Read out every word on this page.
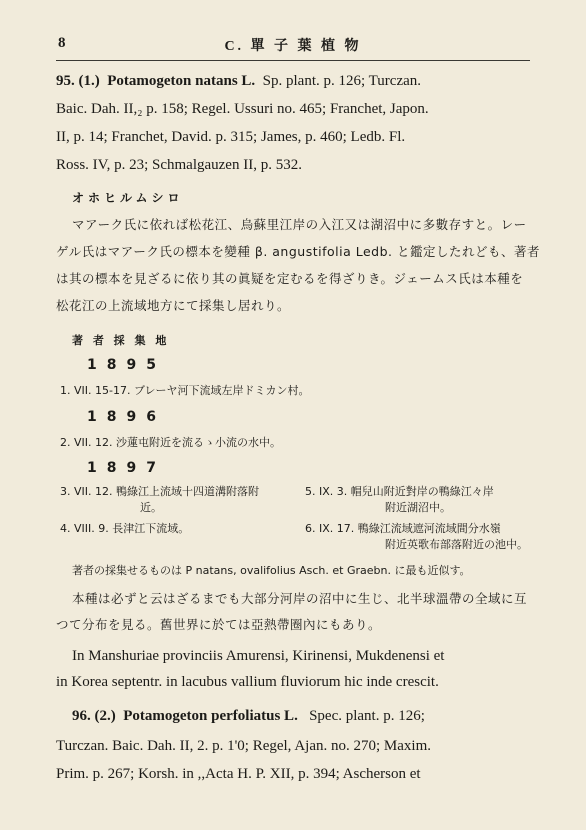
8	C. 單 子 葉 植 物
95. (1.) Potamogeton natans L. Sp. plant. p. 126; Turczan.
Baic. Dah. II,₂ p. 158; Regel. Ussuri no. 465; Franchet, Japon.
II, p. 14; Franchet, David. p. 315; James, p. 460; Ledb. Fl.
Ross. IV, p. 23; Schmalgauzen II, p. 532.
オホヒルムシロ
マアーク氏に依れば松花江、烏蘇里江岸の入江又は湖沼中に多數存すと。レー
ゲル氏はマアーク氏の標本を變種 β. angustifolia Ledb. と鑑定したれども、著者
は其の標本を見ざるに依り其の眞疑を定むるを得ざりき。ジェームス氏は本種を
松花江の上流域地方にて採集し居れり。
著 者 採 集 地
1895
1. VII. 15-17. ブレーヤ河下流域左岸ドミカン村。
1896
2. VII. 12. 沙蓮屯附近を流るゝ小流の水中。
1897
3. VII. 12. 鴨綠江上流域十四道溝附落附
近。
5. IX. 3. 帽兒山附近對岸の鴨綠江々岸
附近湖沼中。
4. VIII. 9. 長津江下流域。	6. IX. 17. 鴨綠江流域遮河流域間分水嶺
附近英歌布部落附近の池中。
著者の採集せるものは P natans, ovalifolius Asch. et Graebn. に最も近似す。
本種は必ずと云はざるまでも大部分河岸の沼中に生じ、北半球溫帶の全域に互
つて分布を見る。舊世界に於ては亞熱帶圈內にもあり。
In Manshuriae provinciis Amurensi, Kirinensi, Mukdenensi et
in Korea septentr. in lacubus vallium fluviorum hic inde crescit.
96. (2.) Potamogeton perfoliatus L. Spec. plant. p. 126;
Turczan. Baic. Dah. II, 2. p. 1'0; Regel, Ajan. no. 270; Maxim.
Prim. p. 267; Korsh. in ,,Acta H. P. XII, p. 394; Ascherson et
